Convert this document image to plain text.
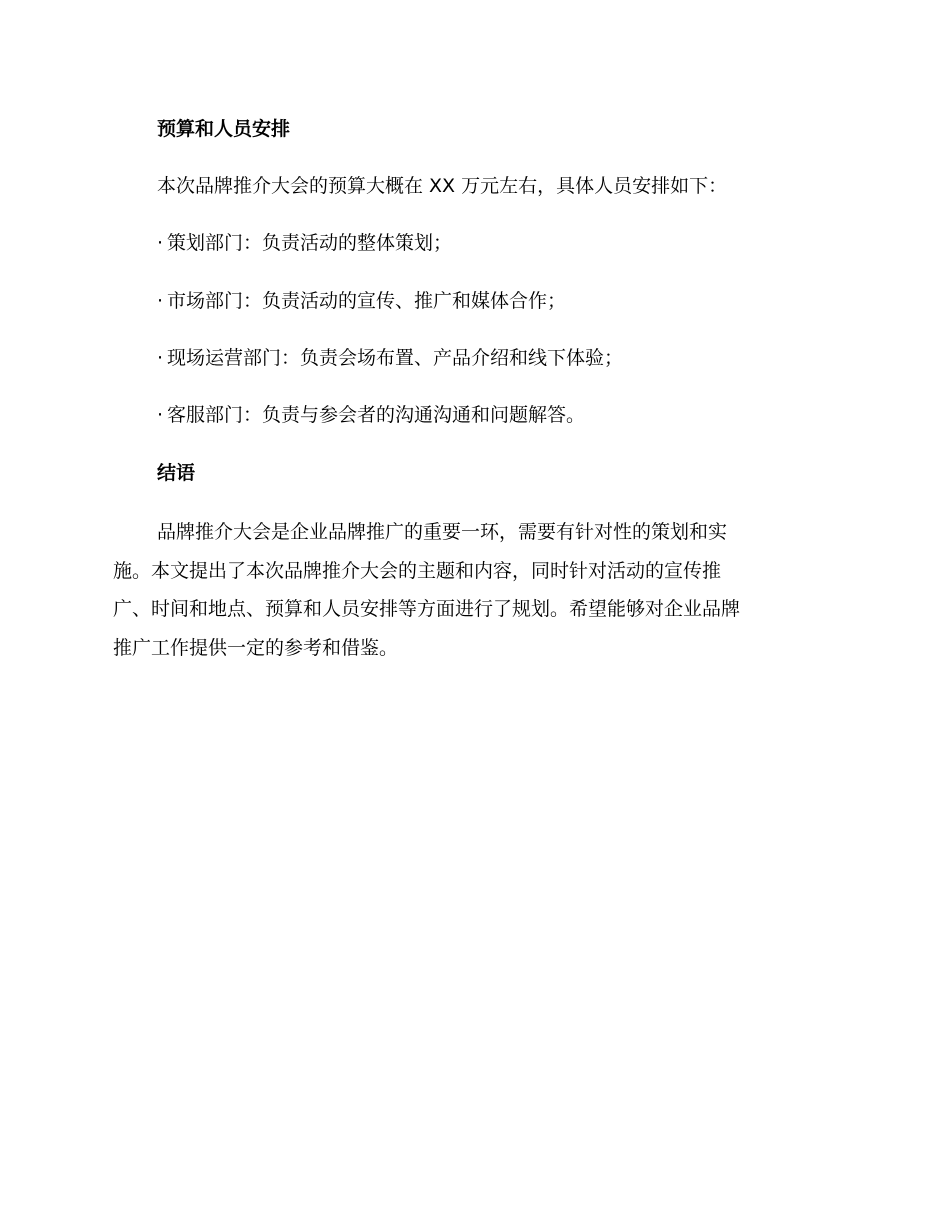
预算和人员安排
本次品牌推介大会的预算大概在 XX 万元左右，具体人员安排如下：
· 策划部门：负责活动的整体策划；
· 市场部门：负责活动的宣传、推广和媒体合作；
· 现场运营部门：负责会场布置、产品介绍和线下体验；
· 客服部门：负责与参会者的沟通沟通和问题解答。
结语
品牌推介大会是企业品牌推广的重要一环，需要有针对性的策划和实
施。本文提出了本次品牌推介大会的主题和内容，同时针对活动的宣传推
广、时间和地点、预算和人员安排等方面进行了规划。希望能够对企业品牌
推广工作提供一定的参考和借鉴。
